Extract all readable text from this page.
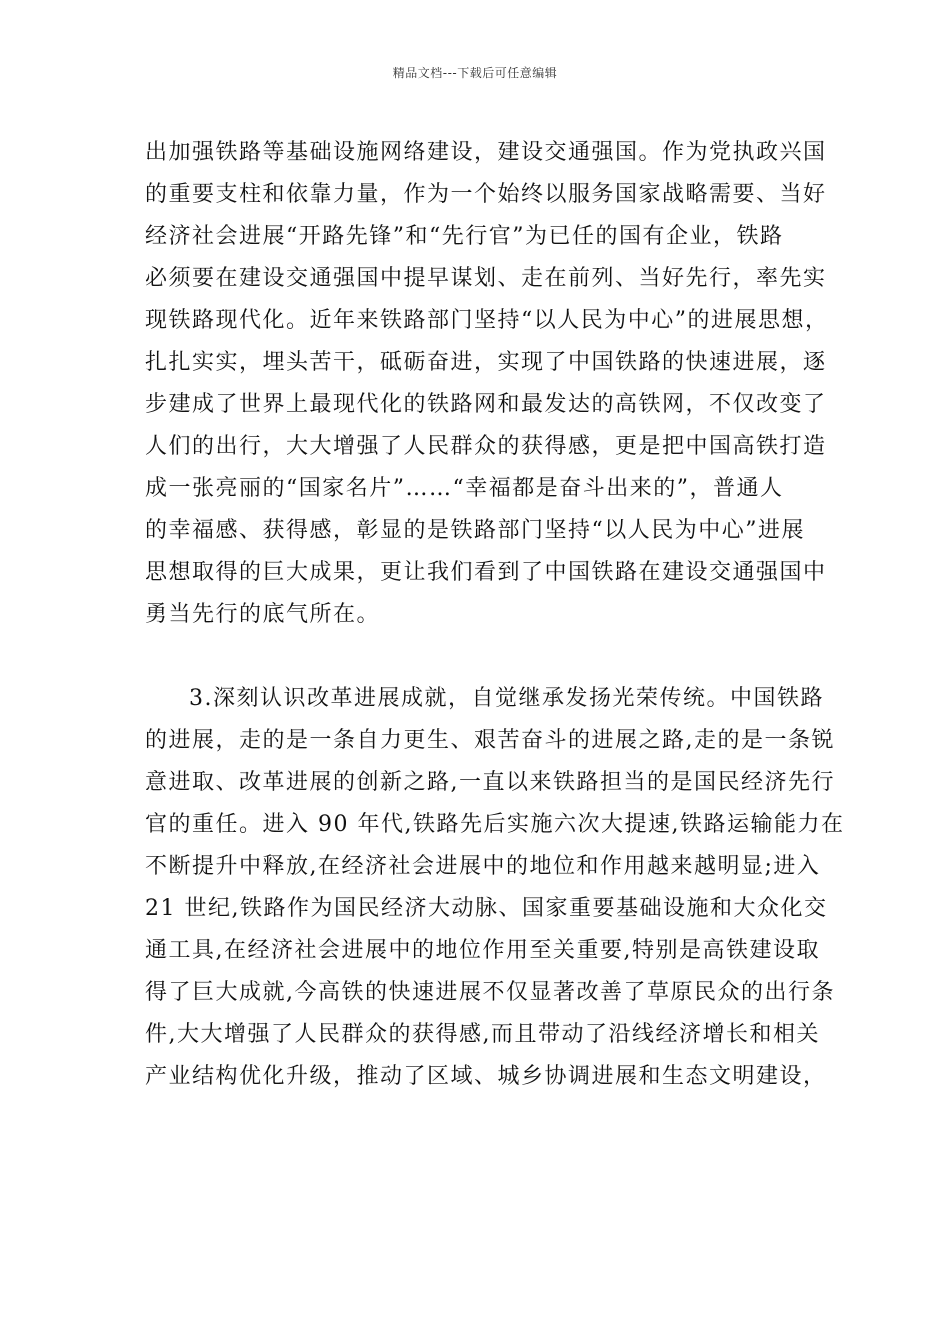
精品文档---下载后可任意编辑
出加强铁路等基础设施网络建设，建设交通强国。作为党执政兴国
的重要支柱和依靠力量，作为一个始终以服务国家战略需要、当好
经济社会进展“开路先锋”和“先行官”为已任的国有企业，铁路
必须要在建设交通强国中提早谋划、走在前列、当好先行，率先实
现铁路现代化。近年来铁路部门坚持“以人民为中心”的进展思想，
扎扎实实，埋头苦干，砥砺奋进，实现了中国铁路的快速进展，逐
步建成了世界上最现代化的铁路网和最发达的高铁网，不仅改变了
人们的出行，大大增强了人民群众的获得感，更是把中国高铁打造
成一张亮丽的“国家名片”……“幸福都是奋斗出来的”，普通人
的幸福感、获得感，彰显的是铁路部门坚持“以人民为中心”进展
思想取得的巨大成果，更让我们看到了中国铁路在建设交通强国中
勇当先行的底气所在。
3.深刻认识改革进展成就，自觉继承发扬光荣传统。中国铁路
的进展，走的是一条自力更生、艰苦奋斗的进展之路,走的是一条锐
意进取、改革进展的创新之路,一直以来铁路担当的是国民经济先行
官的重任。进入 90 年代,铁路先后实施六次大提速,铁路运输能力在
不断提升中释放,在经济社会进展中的地位和作用越来越明显;进入
21 世纪,铁路作为国民经济大动脉、国家重要基础设施和大众化交
通工具,在经济社会进展中的地位作用至关重要,特别是高铁建设取
得了巨大成就,今高铁的快速进展不仅显著改善了草原民众的出行条
件,大大增强了人民群众的获得感,而且带动了沿线经济增长和相关
产业结构优化升级，推动了区域、城乡协调进展和生态文明建设，
